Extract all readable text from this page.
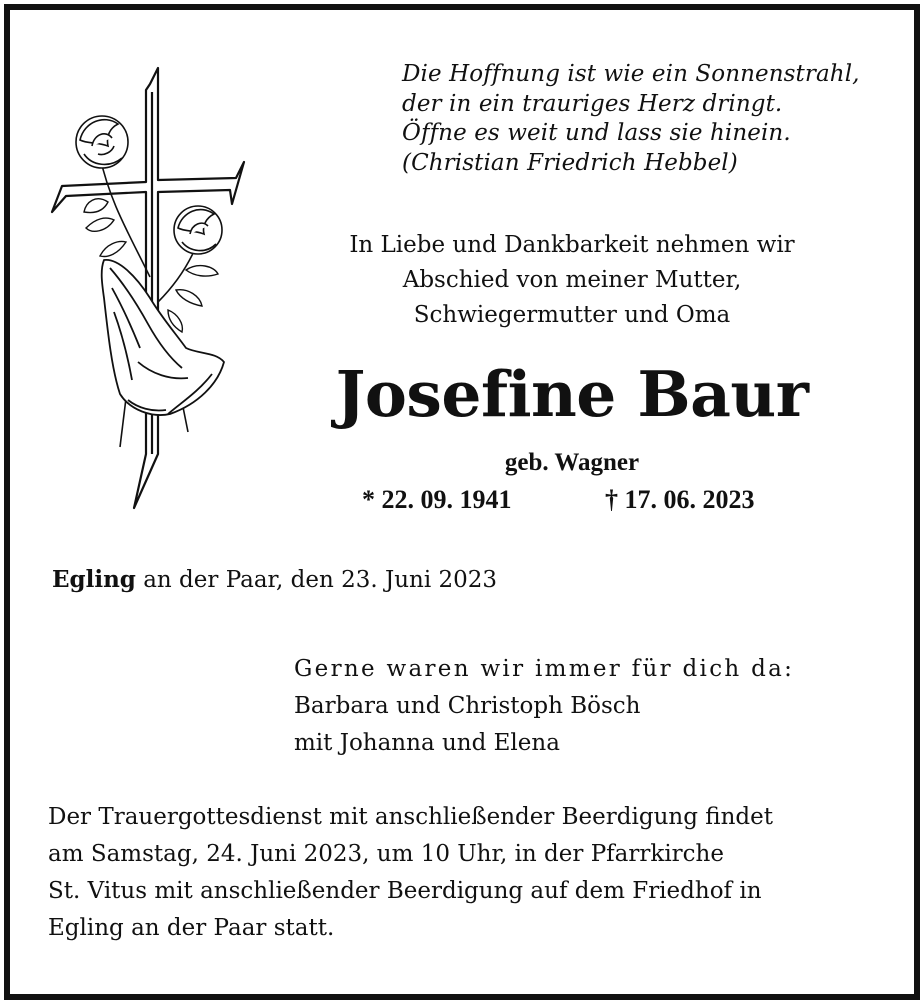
Die Hoffnung ist wie ein Sonnenstrahl,
der in ein trauriges Herz dringt.
Öffne es weit und lass sie hinein.
(Christian Friedrich Hebbel)
In Liebe und Dankbarkeit nehmen wir
Abschied von meiner Mutter,
Schwiegermutter und Oma
Josefine Baur
geb. Wagner
* 22. 09. 1941	† 17. 06. 2023
Egling an der Paar, den 23. Juni 2023
Gerne waren wir immer für dich da:
Barbara und Christoph Bösch
mit Johanna und Elena
Der Trauergottesdienst mit anschließender Beerdigung findet
am Samstag, 24. Juni 2023, um 10 Uhr, in der Pfarrkirche
St. Vitus mit anschließender Beerdigung auf dem Friedhof in
Egling an der Paar statt.
